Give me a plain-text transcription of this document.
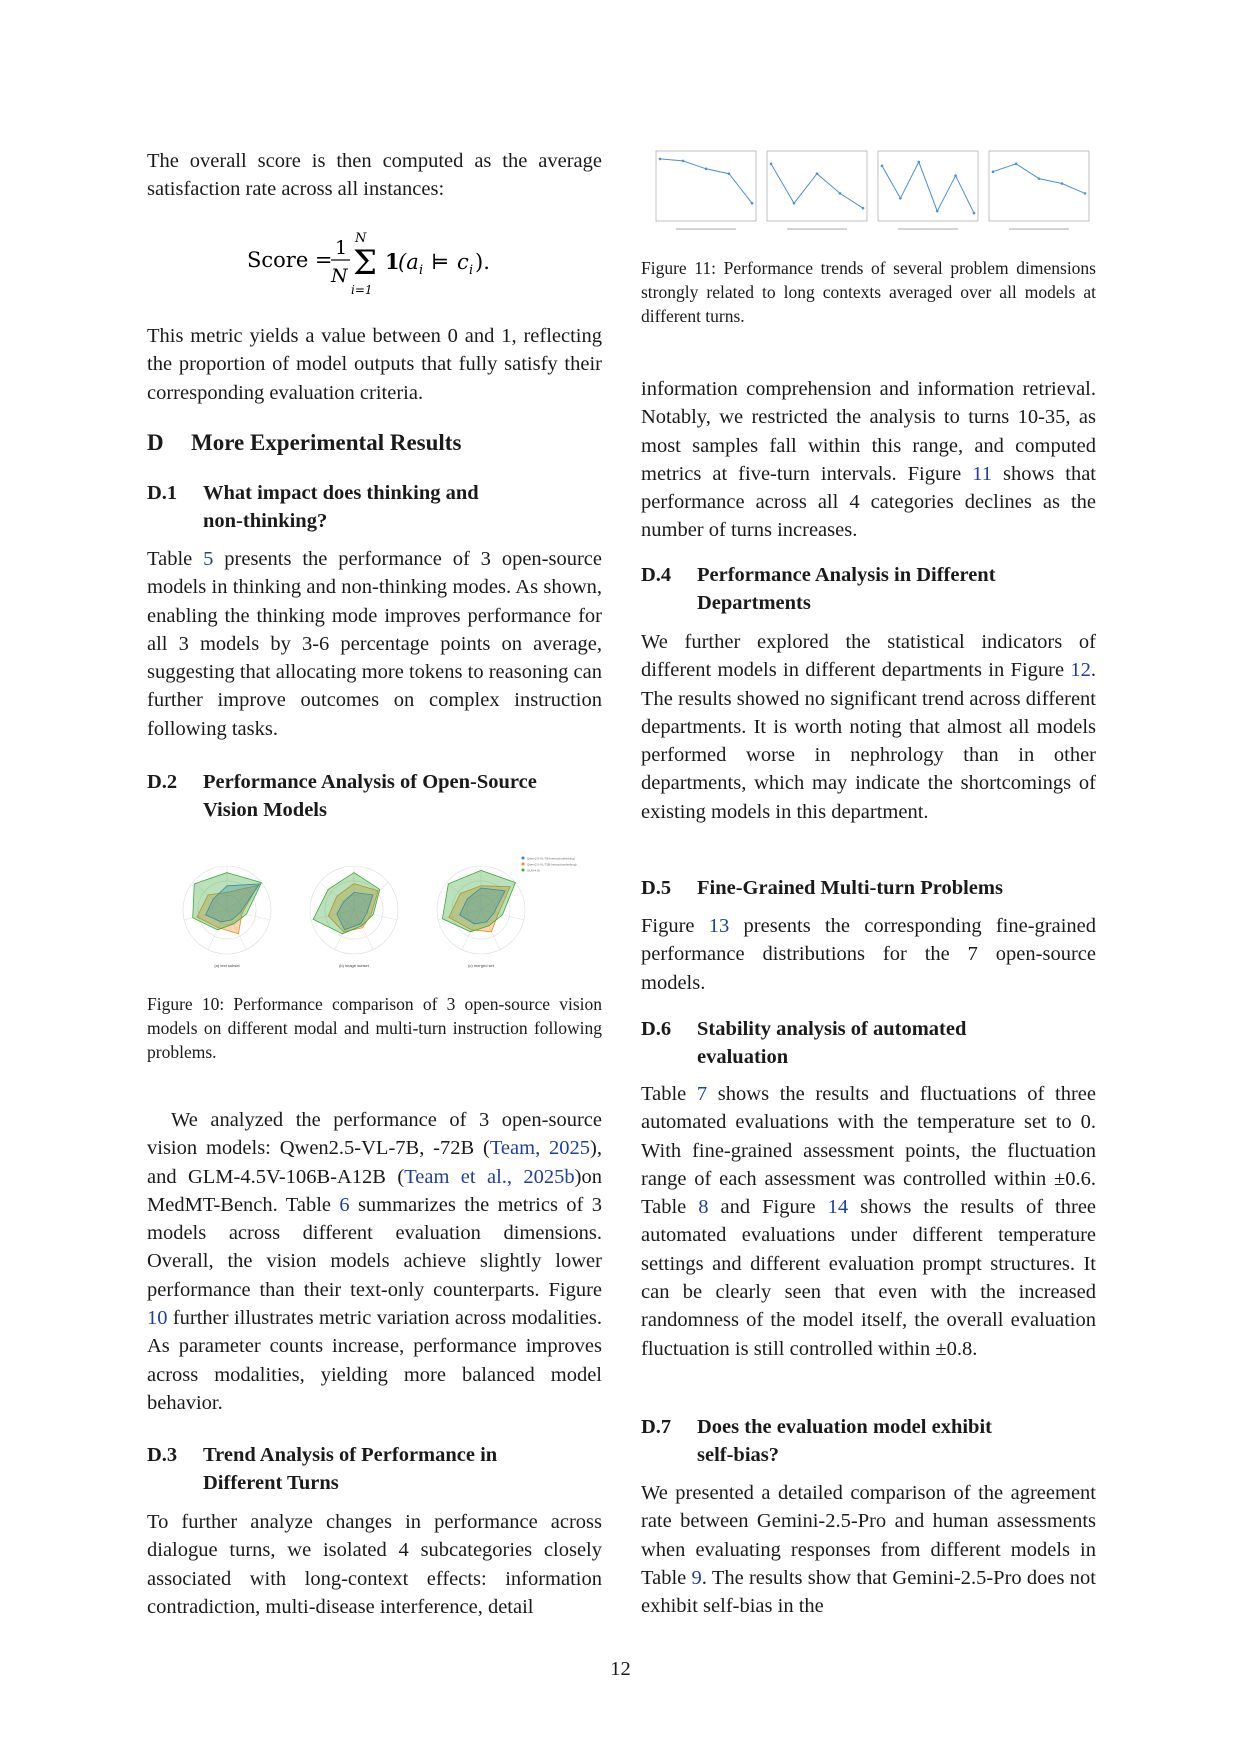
The overall score is then computed as the average satisfaction rate across all instances:

Score = 1
N
N
Σ
i=1
1
(a i ⊨ c i ).

This metric yields a value between 0 and 1, reflecting the proportion of model outputs that fully satisfy their corresponding evaluation criteria.

D More Experimental Results
D.1	What impact does thinking and non-thinking?

Table 5 presents the performance of 3 open-source models in thinking and non-thinking modes. As shown, enabling the thinking mode improves performance for all 3 models by 3-6 percentage points on average, suggesting that allocating more tokens to reasoning can further improve outcomes on complex instruction following tasks.

D.2	Performance Analysis of Open-Source Vision Models
(a) text subset	(b) image subset	(c) merged set
Qwen2.5-VL-7B-Instruct(nothinking)
Qwen2.5-VL-72B-Instruct(nothinking)
GLM-4.5v

Figure 10: Performance comparison of 3 open-source vision models on different modal and multi-turn instruction following problems.

We analyzed the performance of 3 open-source vision models: Qwen2.5-VL-7B, -72B (Team, 2025), and GLM-4.5V-106B-A12B (Team et al., 2025b)on MedMT-Bench. Table 6 summarizes the metrics of 3 models across different evaluation dimensions. Overall, the vision models achieve slightly lower performance than their text-only counterparts. Figure 10 further illustrates metric variation across modalities. As parameter counts increase, performance improves across modalities, yielding more balanced model behavior.

D.3	Trend Analysis of Performance in Different Turns

To further analyze changes in performance across dialogue turns, we isolated 4 subcategories closely associated with long-context effects: information contradiction, multi-disease interference, detail

Figure 11: Performance trends of several problem dimensions strongly related to long contexts averaged over all models at different turns.

information comprehension and information retrieval. Notably, we restricted the analysis to turns 10-35, as most samples fall within this range, and computed metrics at five-turn intervals. Figure 11 shows that performance across all 4 categories declines as the number of turns increases.

D.4	Performance Analysis in Different Departments

We further explored the statistical indicators of different models in different departments in Figure 12. The results showed no significant trend across different departments. It is worth noting that almost all models performed worse in nephrology than in other departments, which may indicate the shortcomings of existing models in this department.

D.5	Fine-Grained Multi-turn Problems

Figure 13 presents the corresponding fine-grained performance distributions for the 7 open-source models.

D.6	Stability analysis of automated evaluation

Table 7 shows the results and fluctuations of three automated evaluations with the temperature set to 0. With fine-grained assessment points, the fluctuation range of each assessment was controlled within ±0.6. Table 8 and Figure 14 shows the results of three automated evaluations under different temperature settings and different evaluation prompt structures. It can be clearly seen that even with the increased randomness of the model itself, the overall evaluation fluctuation is still controlled within ±0.8.

D.7	Does the evaluation model exhibit self-bias?

We presented a detailed comparison of the agreement rate between Gemini-2.5-Pro and human assessments when evaluating responses from different models in Table 9. The results show that Gemini-2.5-Pro does not exhibit self-bias in the

12
